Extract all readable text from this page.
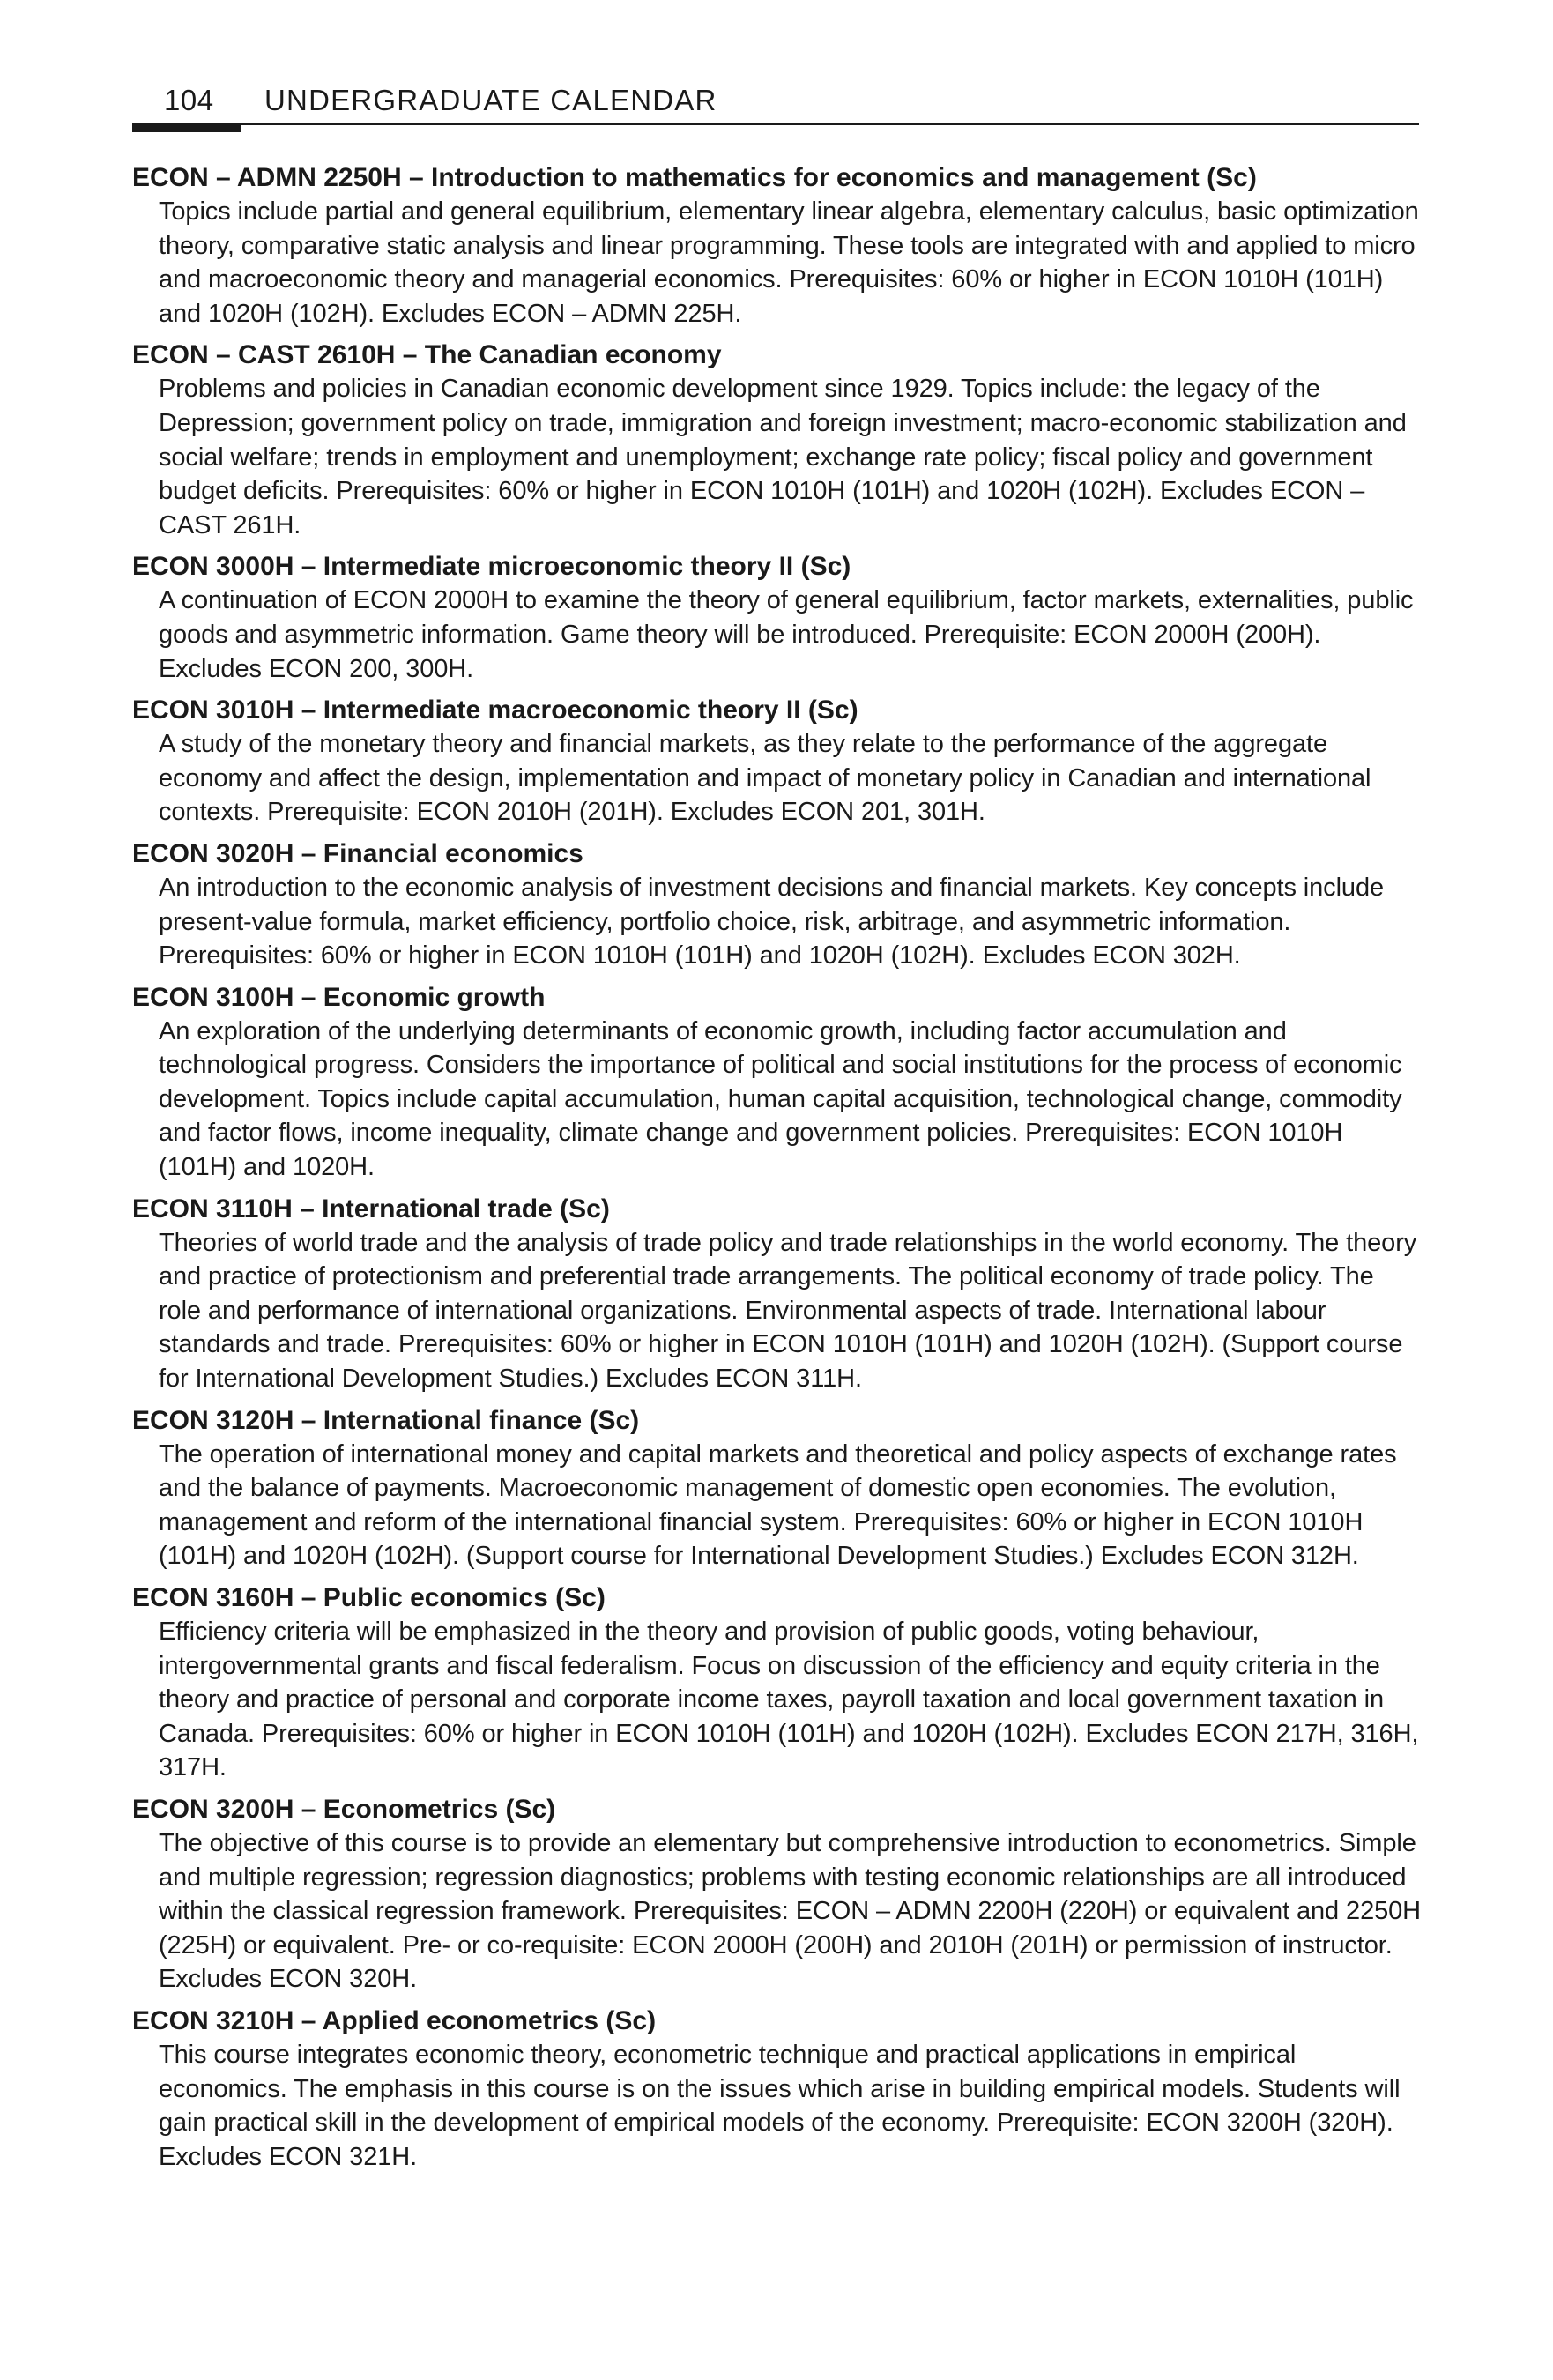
104 UNDERGRADUATE CALENDAR

ECON – ADMN 2250H – Introduction to mathematics for economics and management (Sc)

Topics include partial and general equilibrium, elementary linear algebra, elementary calculus, basic optimization theory, comparative static analysis and linear programming. These tools are integrated with and applied to micro and macroeconomic theory and managerial economics. Prerequisites: 60% or higher in ECON 1010H (101H) and 1020H (102H). Excludes ECON – ADMN 225H.

ECON – CAST 2610H – The Canadian economy

Problems and policies in Canadian economic development since 1929. Topics include: the legacy of the Depression; government policy on trade, immigration and foreign investment; macro-economic stabilization and social welfare; trends in employment and unemployment; exchange rate policy; fiscal policy and government budget deficits. Prerequisites: 60% or higher in ECON 1010H (101H) and 1020H (102H). Excludes ECON – CAST 261H.

ECON 3000H – Intermediate microeconomic theory II (Sc)

A continuation of ECON 2000H to examine the theory of general equilibrium, factor markets, externalities, public goods and asymmetric information. Game theory will be introduced. Prerequisite: ECON 2000H (200H). Excludes ECON 200, 300H.

ECON 3010H – Intermediate macroeconomic theory II (Sc)

A study of the monetary theory and financial markets, as they relate to the performance of the aggregate economy and affect the design, implementation and impact of monetary policy in Canadian and international contexts. Prerequisite: ECON 2010H (201H). Excludes ECON 201, 301H.

ECON 3020H – Financial economics

An introduction to the economic analysis of investment decisions and financial markets. Key concepts include present-value formula, market efficiency, portfolio choice, risk, arbitrage, and asymmetric information. Prerequisites: 60% or higher in ECON 1010H (101H) and 1020H (102H). Excludes ECON 302H.

ECON 3100H – Economic growth

An exploration of the underlying determinants of economic growth, including factor accumulation and technological progress. Considers the importance of political and social institutions for the process of economic development. Topics include capital accumulation, human capital acquisition, technological change, commodity and factor flows, income inequality, climate change and government policies. Prerequisites: ECON 1010H (101H) and 1020H.

ECON 3110H – International trade (Sc)

Theories of world trade and the analysis of trade policy and trade relationships in the world economy. The theory and practice of protectionism and preferential trade arrangements. The political economy of trade policy. The role and performance of international organizations. Environmental aspects of trade. International labour standards and trade. Prerequisites: 60% or higher in ECON 1010H (101H) and 1020H (102H). (Support course for International Development Studies.) Excludes ECON 311H.

ECON 3120H – International finance (Sc)

The operation of international money and capital markets and theoretical and policy aspects of exchange rates and the balance of payments. Macroeconomic management of domestic open economies. The evolution, management and reform of the international financial system. Prerequisites: 60% or higher in ECON 1010H (101H) and 1020H (102H). (Support course for International Development Studies.) Excludes ECON 312H.

ECON 3160H – Public economics (Sc)

Efficiency criteria will be emphasized in the theory and provision of public goods, voting behaviour, intergovernmental grants and fiscal federalism. Focus on discussion of the efficiency and equity criteria in the theory and practice of personal and corporate income taxes, payroll taxation and local government taxation in Canada. Prerequisites: 60% or higher in ECON 1010H (101H) and 1020H (102H). Excludes ECON 217H, 316H, 317H.

ECON 3200H – Econometrics (Sc)

The objective of this course is to provide an elementary but comprehensive introduction to econometrics. Simple and multiple regression; regression diagnostics; problems with testing economic relationships are all introduced within the classical regression framework. Prerequisites: ECON – ADMN 2200H (220H) or equivalent and 2250H (225H) or equivalent. Pre- or co-requisite: ECON 2000H (200H) and 2010H (201H) or permission of instructor. Excludes ECON 320H.

ECON 3210H – Applied econometrics (Sc)

This course integrates economic theory, econometric technique and practical applications in empirical economics. The emphasis in this course is on the issues which arise in building empirical models. Students will gain practical skill in the development of empirical models of the economy. Prerequisite: ECON 3200H (320H). Excludes ECON 321H.
